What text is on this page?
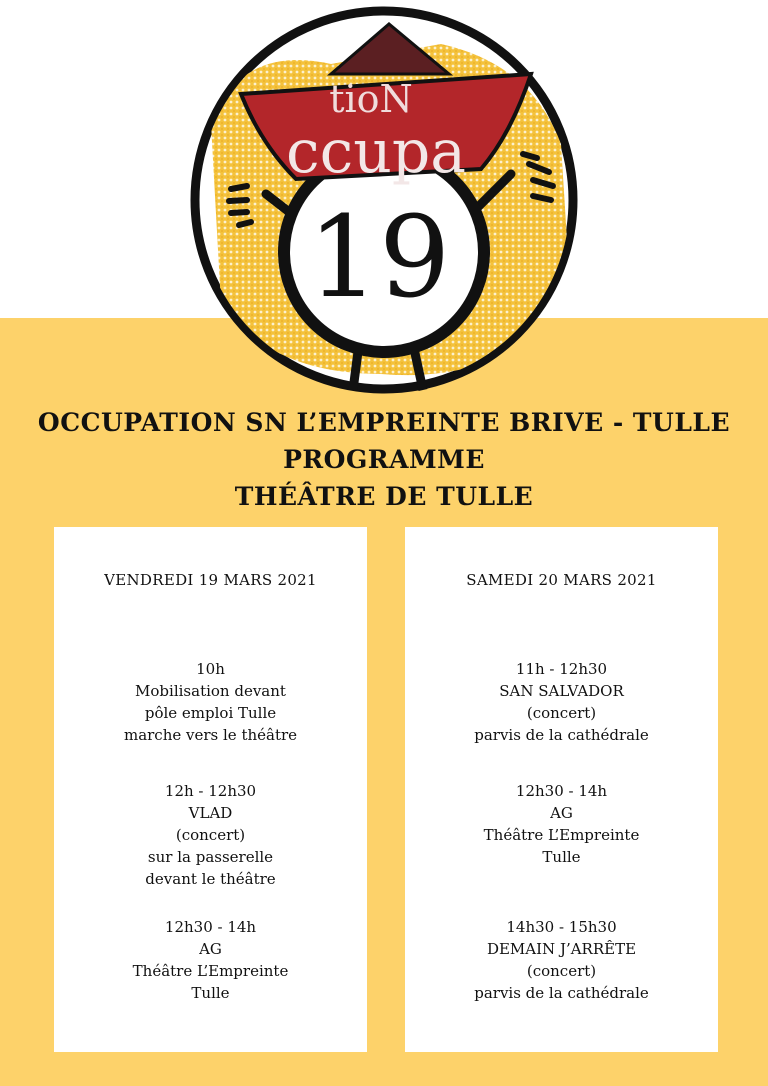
19
tioN
ccupa
OCCUPATION SN L’EMPREINTE BRIVE - TULLE
PROGRAMME
THÉÂTRE DE TULLE
VENDREDI 19 MARS 2021
10h
Mobilisation devant
pôle emploi Tulle
marche vers le théâtre
12h - 12h30
VLAD
(concert)
sur la passerelle
devant le théâtre
12h30 - 14h
AG
Théâtre L’Empreinte
Tulle
SAMEDI 20 MARS 2021
11h - 12h30
SAN SALVADOR
(concert)
parvis de la cathédrale
12h30 - 14h
AG
Théâtre L’Empreinte
Tulle
14h30 - 15h30
DEMAIN J’ARRÊTE
(concert)
parvis de la cathédrale
